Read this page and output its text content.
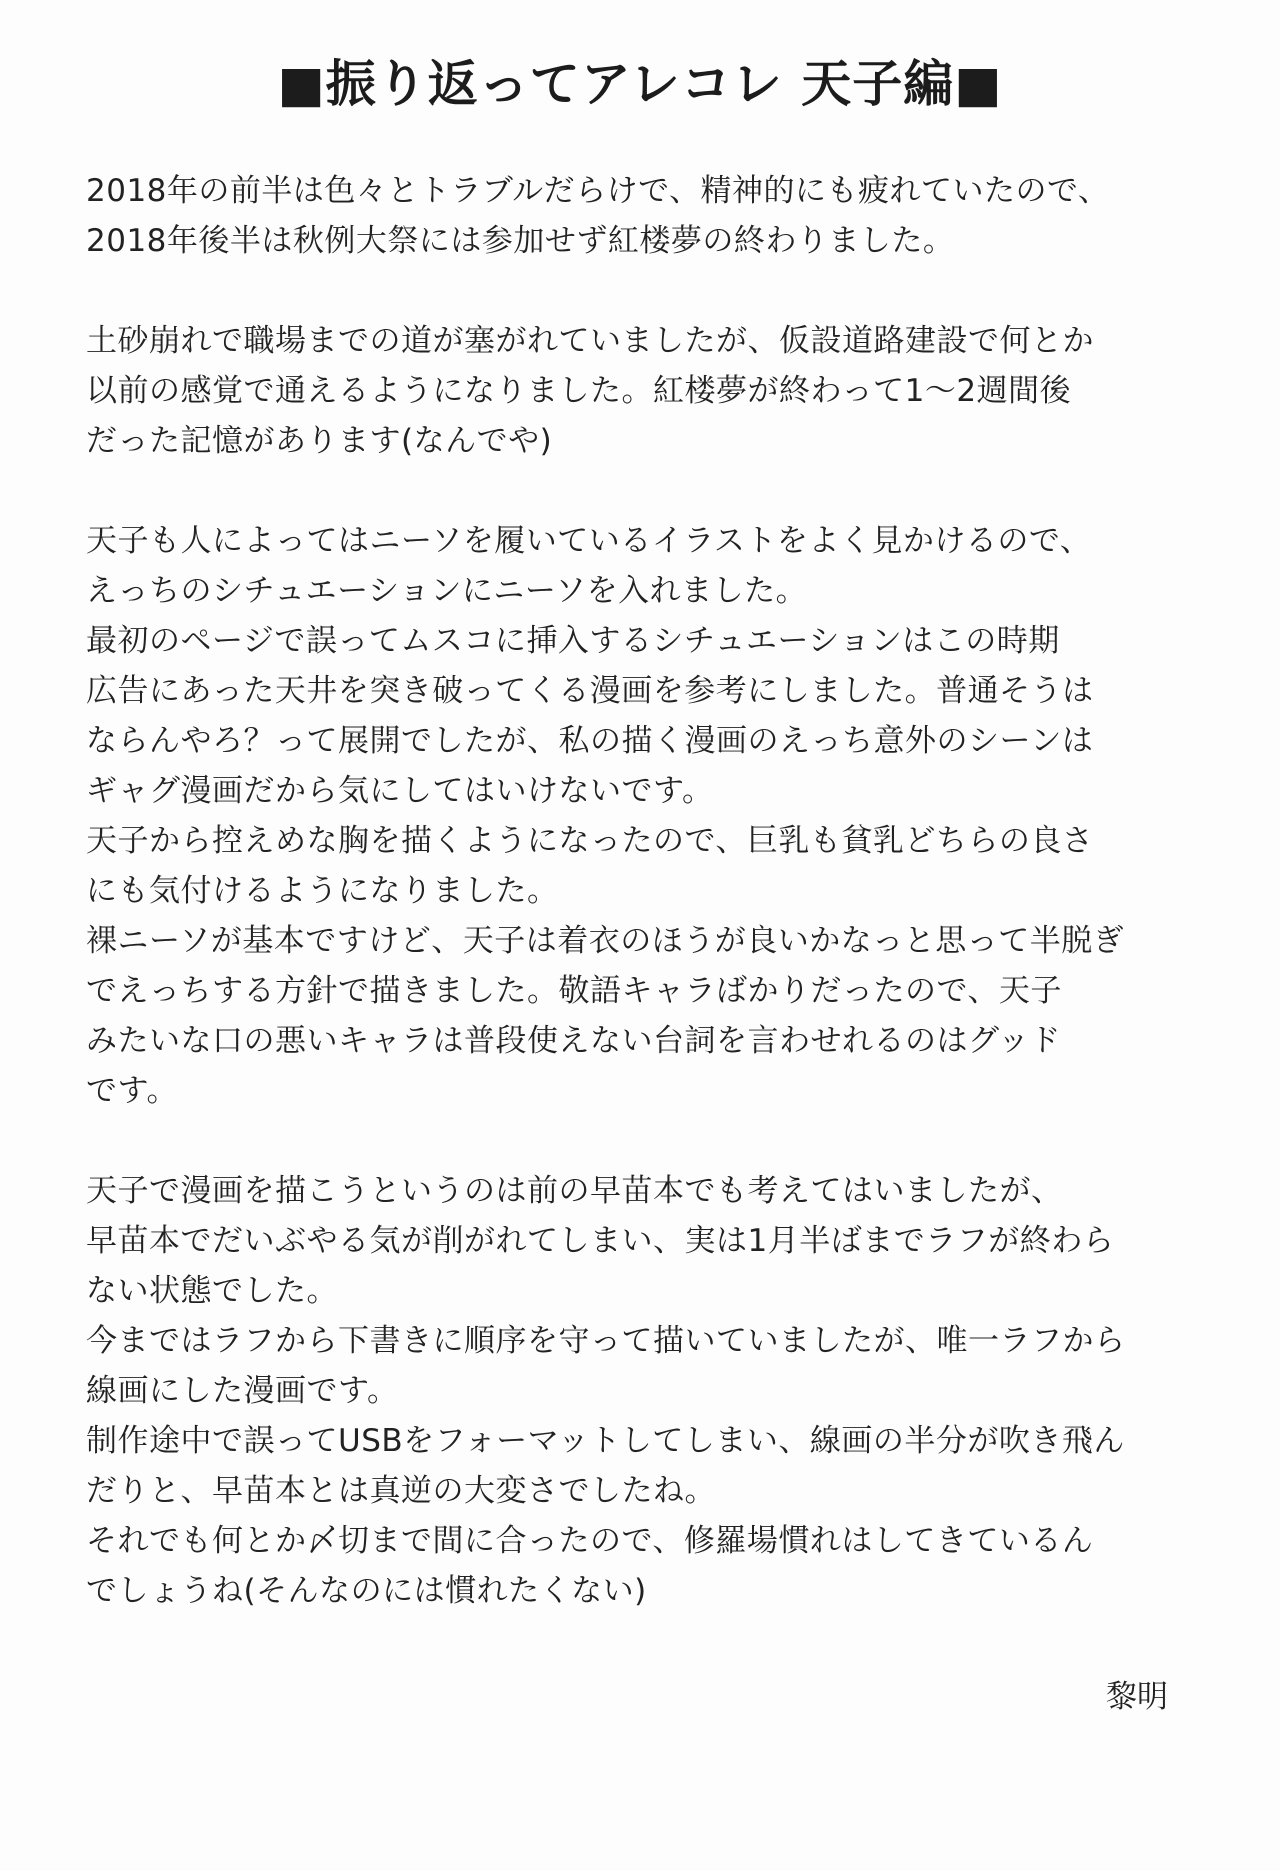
■振り返ってアレコレ 天子編■
2018年の前半は色々とトラブルだらけで、精神的にも疲れていたので、
2018年後半は秋例大祭には参加せず紅楼夢の終わりました。
土砂崩れで職場までの道が塞がれていましたが、仮設道路建設で何とか
以前の感覚で通えるようになりました。紅楼夢が終わって1〜2週間後
だった記憶があります(なんでや)
天子も人によってはニーソを履いているイラストをよく見かけるので、
えっちのシチュエーションにニーソを入れました。
最初のページで誤ってムスコに挿入するシチュエーションはこの時期
広告にあった天井を突き破ってくる漫画を参考にしました。普通そうは
ならんやろ？って展開でしたが、私の描く漫画のえっち意外のシーンは
ギャグ漫画だから気にしてはいけないです。
天子から控えめな胸を描くようになったので、巨乳も貧乳どちらの良さ
にも気付けるようになりました。
裸ニーソが基本ですけど、天子は着衣のほうが良いかなっと思って半脱ぎ
でえっちする方針で描きました。敬語キャラばかりだったので、天子
みたいな口の悪いキャラは普段使えない台詞を言わせれるのはグッド
です。
天子で漫画を描こうというのは前の早苗本でも考えてはいましたが、
早苗本でだいぶやる気が削がれてしまい、実は1月半ばまでラフが終わら
ない状態でした。
今まではラフから下書きに順序を守って描いていましたが、唯一ラフから
線画にした漫画です。
制作途中で誤ってUSBをフォーマットしてしまい、線画の半分が吹き飛ん
だりと、早苗本とは真逆の大変さでしたね。
それでも何とか〆切まで間に合ったので、修羅場慣れはしてきているん
でしょうね(そんなのには慣れたくない)
黎明
